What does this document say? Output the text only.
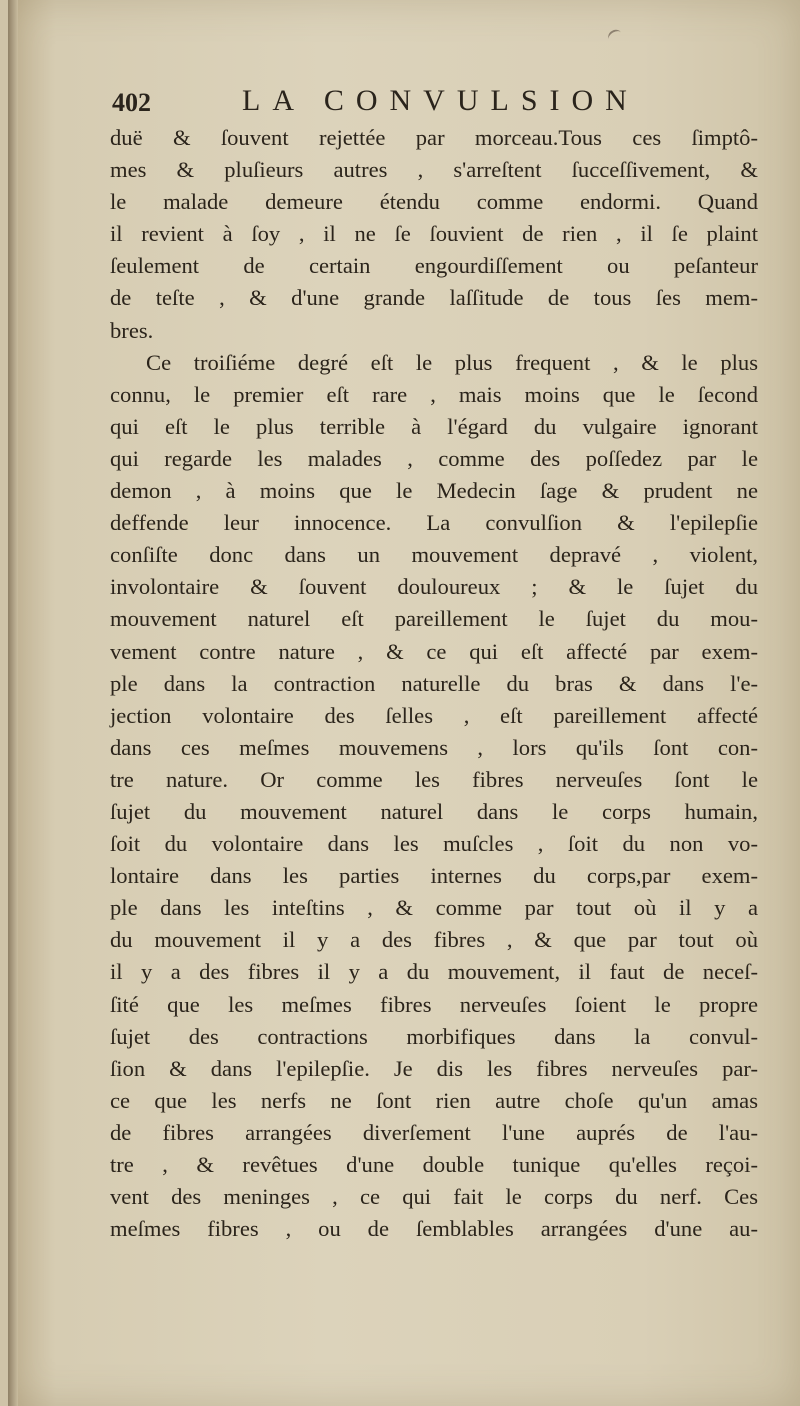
402	LA CONVULSION
duë & ſouvent rejettée par morceau.Tous ces ſimptô-
mes & pluſieurs autres , s'arreſtent ſucceſſivement, &
le malade demeure étendu comme endormi. Quand
il revient à ſoy , il ne ſe ſouvient de rien , il ſe plaint
ſeulement de certain engourdiſſement ou peſanteur
de teſte , & d'une grande laſſitude de tous ſes mem-
bres.
Ce troiſiéme degré eſt le plus frequent , & le plus
connu, le premier eſt rare , mais moins que le ſecond
qui eſt le plus terrible à l'égard du vulgaire ignorant
qui regarde les malades , comme des poſſedez par le
demon , à moins que le Medecin ſage & prudent ne
deffende leur innocence. La convulſion & l'epilepſie
conſiſte donc dans un mouvement depravé , violent,
involontaire & ſouvent douloureux ; & le ſujet du
mouvement naturel eſt pareillement le ſujet du mou-
vement contre nature , & ce qui eſt affecté par exem-
ple dans la contraction naturelle du bras & dans l'e-
jection volontaire des ſelles , eſt pareillement affecté
dans ces meſmes mouvemens , lors qu'ils ſont con-
tre nature. Or comme les fibres nerveuſes ſont le
ſujet du mouvement naturel dans le corps humain,
ſoit du volontaire dans les muſcles , ſoit du non vo-
lontaire dans les parties internes du corps,par exem-
ple dans les inteſtins , & comme par tout où il y a
du mouvement il y a des fibres , & que par tout où
il y a des fibres il y a du mouvement, il faut de neceſ-
ſité que les meſmes fibres nerveuſes ſoient le propre
ſujet des contractions morbifiques dans la convul-
ſion & dans l'epilepſie. Je dis les fibres nerveuſes par-
ce que les nerfs ne ſont rien autre choſe qu'un amas
de fibres arrangées diverſement l'une auprés de l'au-
tre , & revêtues d'une double tunique qu'elles reçoi-
vent des meninges , ce qui fait le corps du nerf. Ces
meſmes fibres , ou de ſemblables arrangées d'une au-
